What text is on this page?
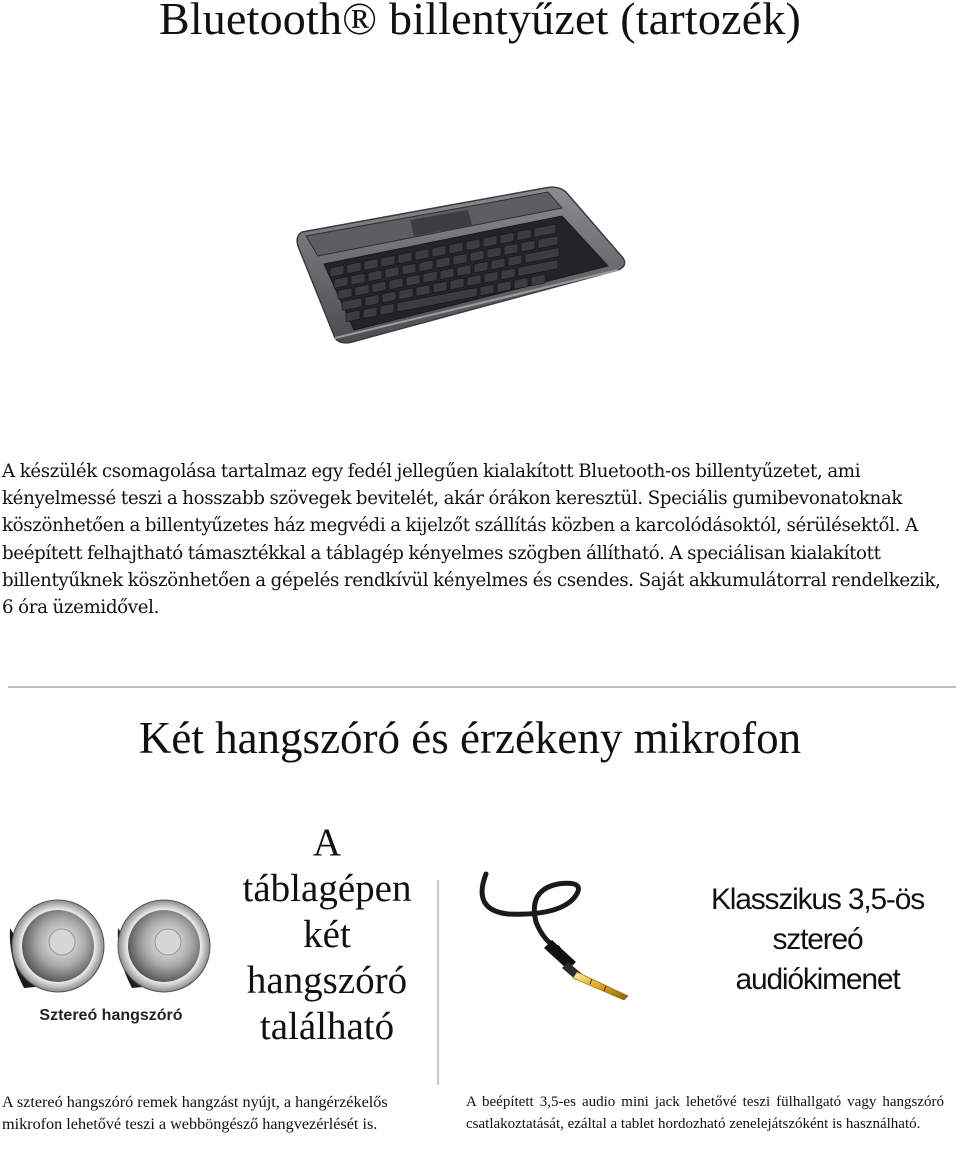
Bluetooth® billentyűzet (tartozék)

A készülék csomagolása tartalmaz egy fedél jellegűen kialakított Bluetooth-os billentyűzetet, ami kényelmessé teszi a hosszabb szövegek bevitelét, akár órákon keresztül. Speciális gumibevonatoknak köszönhetően a billentyűzetes ház megvédi a kijelzőt szállítás közben a karcolódásoktól, sérülésektől. A beépített felhajtható támasztékkal a táblagép kényelmes szögben állítható. A speciálisan kialakított billentyűknek köszönhetően a gépelés rendkívül kényelmes és csendes. Saját akkumulátorral rendelkezik, 6 óra üzemidővel.

Két hangszóró és érzékeny mikrofon
Sztereó hangszóró
A táblagépen két hangszóró található
Klasszikus 3,5-ös sztereó audiókimenet

A sztereó hangszóró remek hangzást nyújt, a hangérzékelős mikrofon lehetővé teszi a webböngésző hangvezérlését is.

A beépített 3,5-es audio mini jack lehetővé teszi fülhallgató vagy hangszóró csatlakoztatását, ezáltal a tablet hordozható zenelejátszóként is használható.
